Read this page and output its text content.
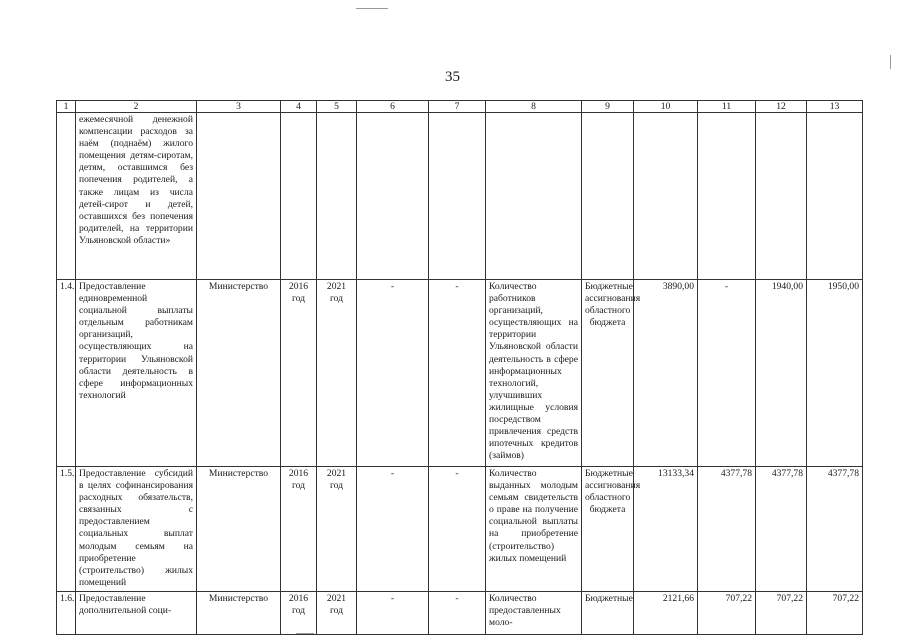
35
1	2	3	4	5	6	7	8	9	10	11	12	13
	ежемесячной денежной компенсации расходов за наём (поднаём) жилого помещения детям-сиротам, детям, оставшимся без попечения родителей, а также лицам из числа детей-сирот и детей, оставшихся без попечения родителей, на территории Ульяновской области»											
1.4.	Предоставление единовременной социальной выплаты отдельным работникам организаций, осуществляющих на территории Ульяновской области деятельность в сфере информационных технологий	Министерство	2016 год	2021 год	-	-	Количество работников организаций, осуществляющих на территории Ульяновской области деятельность в сфере информационных технологий, улучшивших жилищные условия посредством привлечения средств ипотечных кредитов (займов)	Бюджетные ассигнования областного бюджета	3890,00	-	1940,00	1950,00
1.5.	Предоставление субсидий в целях софинансирования расходных обязательств, связанных с предоставлением социальных выплат молодым семьям на приобретение (строительство) жилых помещений	Министерство	2016 год	2021 год	-	-	Количество выданных молодым семьям свидетельств о праве на получение социальной выплаты на приобретение (строительство) жилых помещений	Бюджетные ассигнования областного бюджета	13133,34	4377,78	4377,78	4377,78
1.6.	Предоставление дополнительной соци-	Министерство	2016 год	2021 год	-	-	Количество предоставленных моло-	Бюджетные	2121,66	707,22	707,22	707,22
